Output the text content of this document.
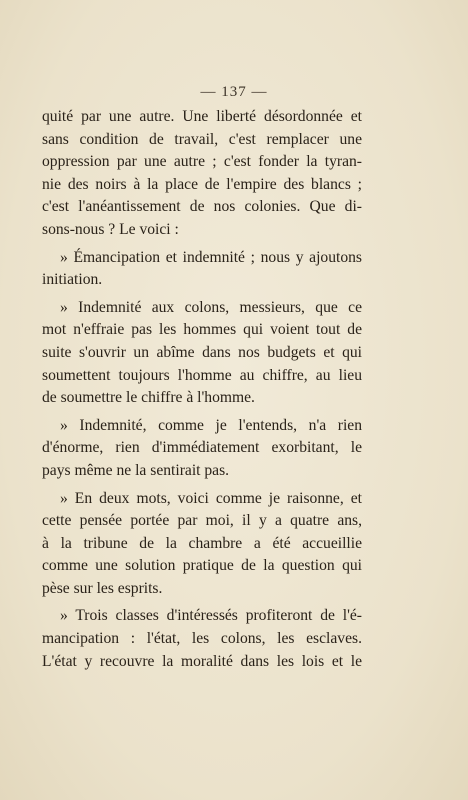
— 137 —
quité par une autre. Une liberté désordonnée et
sans condition de travail, c'est remplacer une
oppression par une autre ; c'est fonder la tyran-
nie des noirs à la place de l'empire des blancs ;
c'est l'anéantissement de nos colonies. Que di-
sons-nous ? Le voici :
» Émancipation et indemnité ; nous y ajoutons
initiation.
» Indemnité aux colons, messieurs, que ce
mot n'effraie pas les hommes qui voient tout de
suite s'ouvrir un abîme dans nos budgets et qui
soumettent toujours l'homme au chiffre, au lieu
de soumettre le chiffre à l'homme.
» Indemnité, comme je l'entends, n'a rien
d'énorme, rien d'immédiatement exorbitant, le
pays même ne la sentirait pas.
» En deux mots, voici comme je raisonne, et
cette pensée portée par moi, il y a quatre ans,
à la tribune de la chambre a été accueillie
comme une solution pratique de la question qui
pèse sur les esprits.
» Trois classes d'intéressés profiteront de l'é-
mancipation : l'état, les colons, les esclaves.
L'état y recouvre la moralité dans les lois et le
